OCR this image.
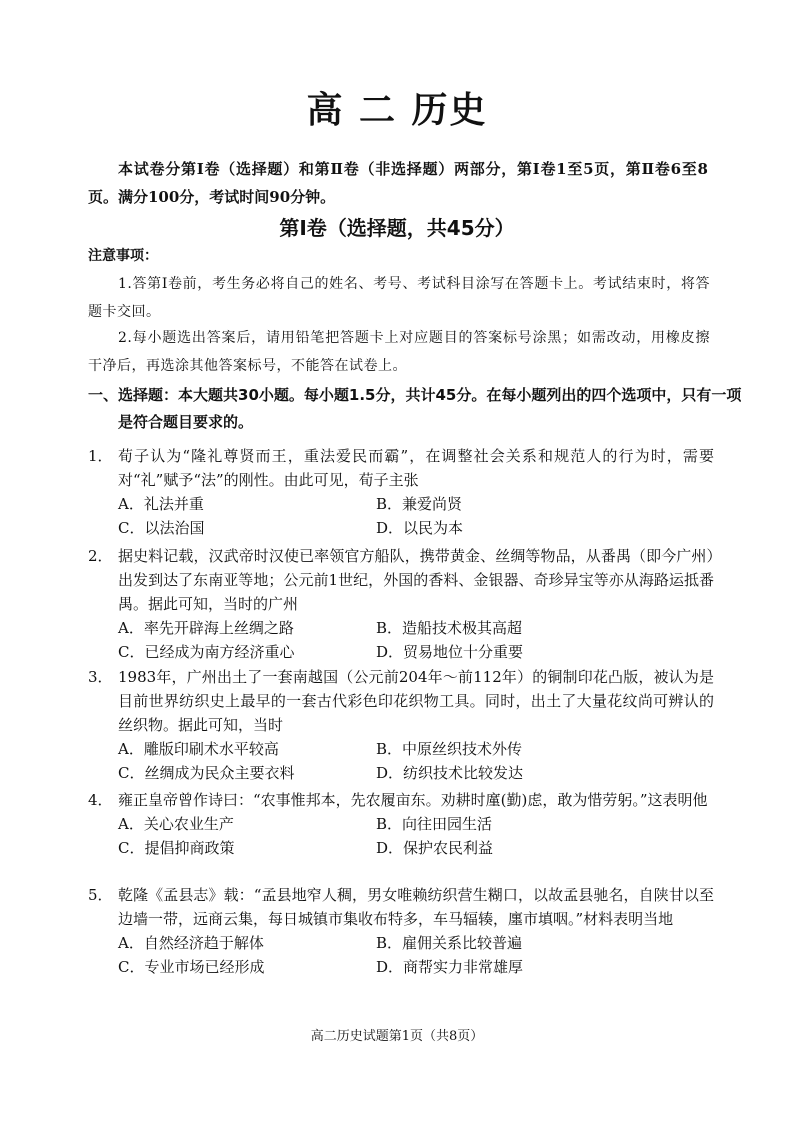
高 二 历史
本试卷分第Ⅰ卷（选择题）和第Ⅱ卷（非选择题）两部分，第Ⅰ卷1至5页，第Ⅱ卷6至8页。满分100分，考试时间90分钟。
第Ⅰ卷（选择题，共45分）
注意事项：
1.答第Ⅰ卷前，考生务必将自己的姓名、考号、考试科目涂写在答题卡上。考试结束时，将答题卡交回。
2.每小题选出答案后，请用铅笔把答题卡上对应题目的答案标号涂黑；如需改动，用橡皮擦干净后，再选涂其他答案标号，不能答在试卷上。
一、选择题：本大题共30小题。每小题1.5分，共计45分。在每小题列出的四个选项中，只有一项是符合题目要求的。
1． 荀子认为“隆礼尊贤而王，重法爱民而霸”，在调整社会关系和规范人的行为时，需要对“礼”赋予“法”的刚性。由此可见，荀子主张
A．礼法并重	B．兼爱尚贤
C．以法治国	D．以民为本
2． 据史料记载，汉武帝时汉使已率领官方船队，携带黄金、丝绸等物品，从番禺（即今广州）出发到达了东南亚等地；公元前1世纪，外国的香料、金银器、奇珍异宝等亦从海路运抵番禺。据此可知，当时的广州
A．率先开辟海上丝绸之路	B．造船技术极其高超
C．已经成为南方经济重心	D．贸易地位十分重要
3． 1983年，广州出土了一套南越国（公元前204年～前112年）的铜制印花凸版，被认为是目前世界纺织史上最早的一套古代彩色印花织物工具。同时，出土了大量花纹尚可辨认的丝织物。据此可知，当时
A．雕版印刷术水平较高	B．中原丝织技术外传
C．丝绸成为民众主要衣料	D．纺织技术比较发达
4． 雍正皇帝曾作诗曰：“农事惟邦本，先农履亩东。劝耕时廑(勤)虑，敢为惜劳躬。”这表明他
A．关心农业生产	B．向往田园生活
C．提倡抑商政策	D．保护农民利益
5． 乾隆《孟县志》载：“孟县地窄人稠，男女唯赖纺织营生糊口，以故孟县驰名，自陕甘以至边墙一带，远商云集，每日城镇市集收布特多，车马辐辏，廛市填咽。”材料表明当地
A．自然经济趋于解体	B．雇佣关系比较普遍
C．专业市场已经形成	D．商帮实力非常雄厚
高二历史试题第1页（共8页）
